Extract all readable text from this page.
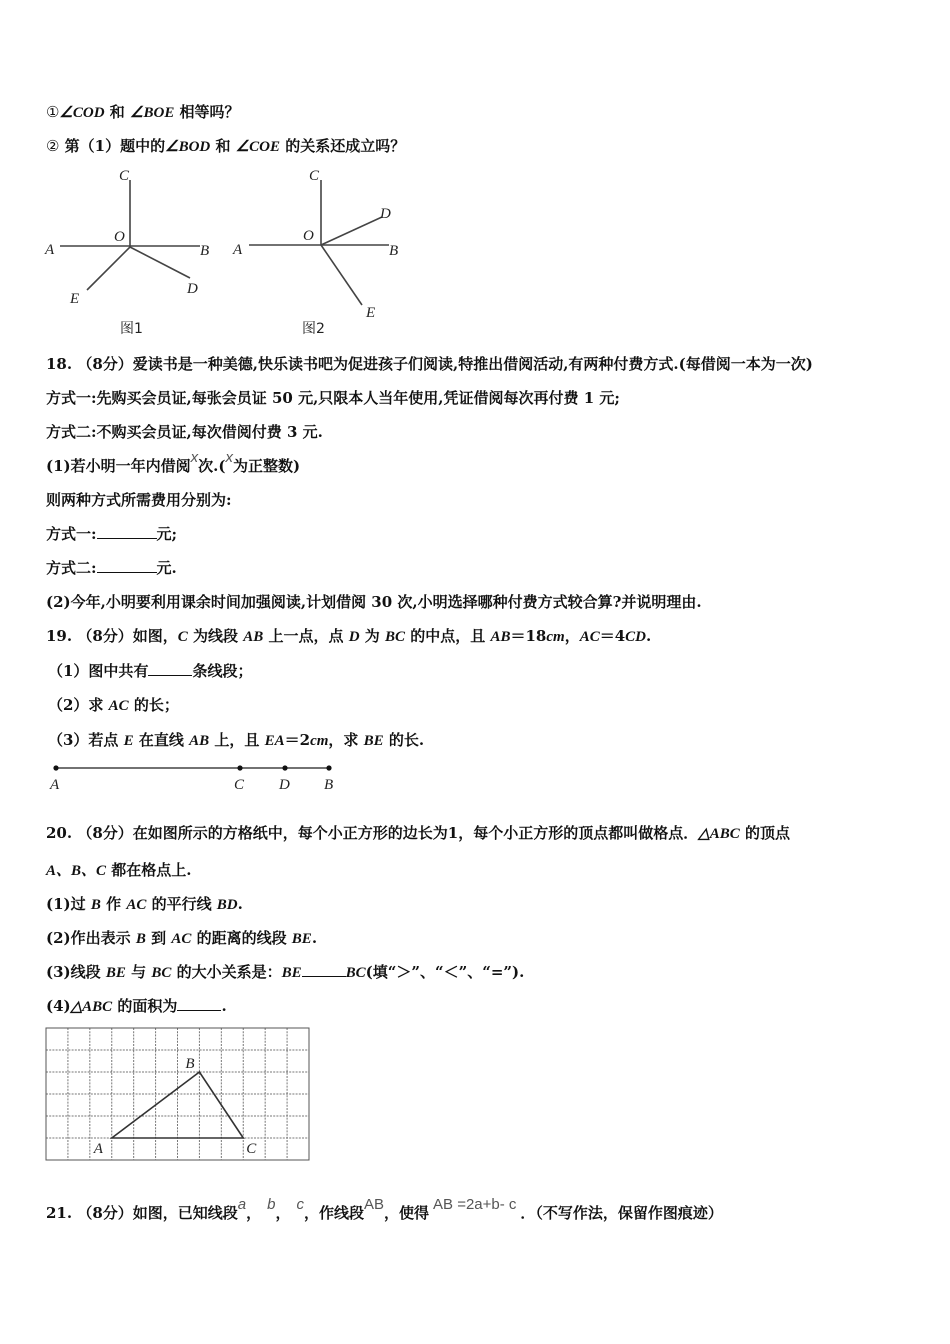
①∠COD 和 ∠BOE 相等吗？
② 第（1）题中的∠BOD 和 ∠COE 的关系还成立吗？
C
O
A	B
E
D
图1
C
O
A	B
D
E
图2
18. （8分）爱读书是一种美德,快乐读书吧为促进孩子们阅读,特推出借阅活动,有两种付费方式.(每借阅一本为一次)
方式一:先购买会员证,每张会员证 50 元,只限本人当年使用,凭证借阅每次再付费 1 元;
方式二:不购买会员证,每次借阅付费 3 元.
(1)若小明一年内借阅x次.(x为正整数)
则两种方式所需费用分别为:
方式一:	元;
方式二:	元.
(2)今年,小明要利用课余时间加强阅读,计划借阅 30 次,小明选择哪种付费方式较合算?并说明理由.
19. （8分）如图，C 为线段 AB 上一点，点 D 为 BC 的中点，且 AB＝18cm，AC＝4CD.
（1）图中共有	条线段；
（2）求 AC 的长；
（3）若点 E 在直线 AB 上，且 EA＝2cm，求 BE 的长.
A	C D B
20. （8分）在如图所示的方格纸中，每个小正方形的边长为1，每个小正方形的顶点都叫做格点．△ABC 的顶点
A、B、C 都在格点上.
(1)过 B 作 AC 的平行线 BD.
(2)作出表示 B 到 AC 的距离的线段 BE.
(3)线段 BE 与 BC 的大小关系是：BE	BC(填“＞”、“＜”、“=”).
(4)△ABC 的面积为	.
A
B
C
21. （8分）如图，已知线段a， b， c，作线段AB，使得 AB =2a+b- c ．（不写作法，保留作图痕迹）
